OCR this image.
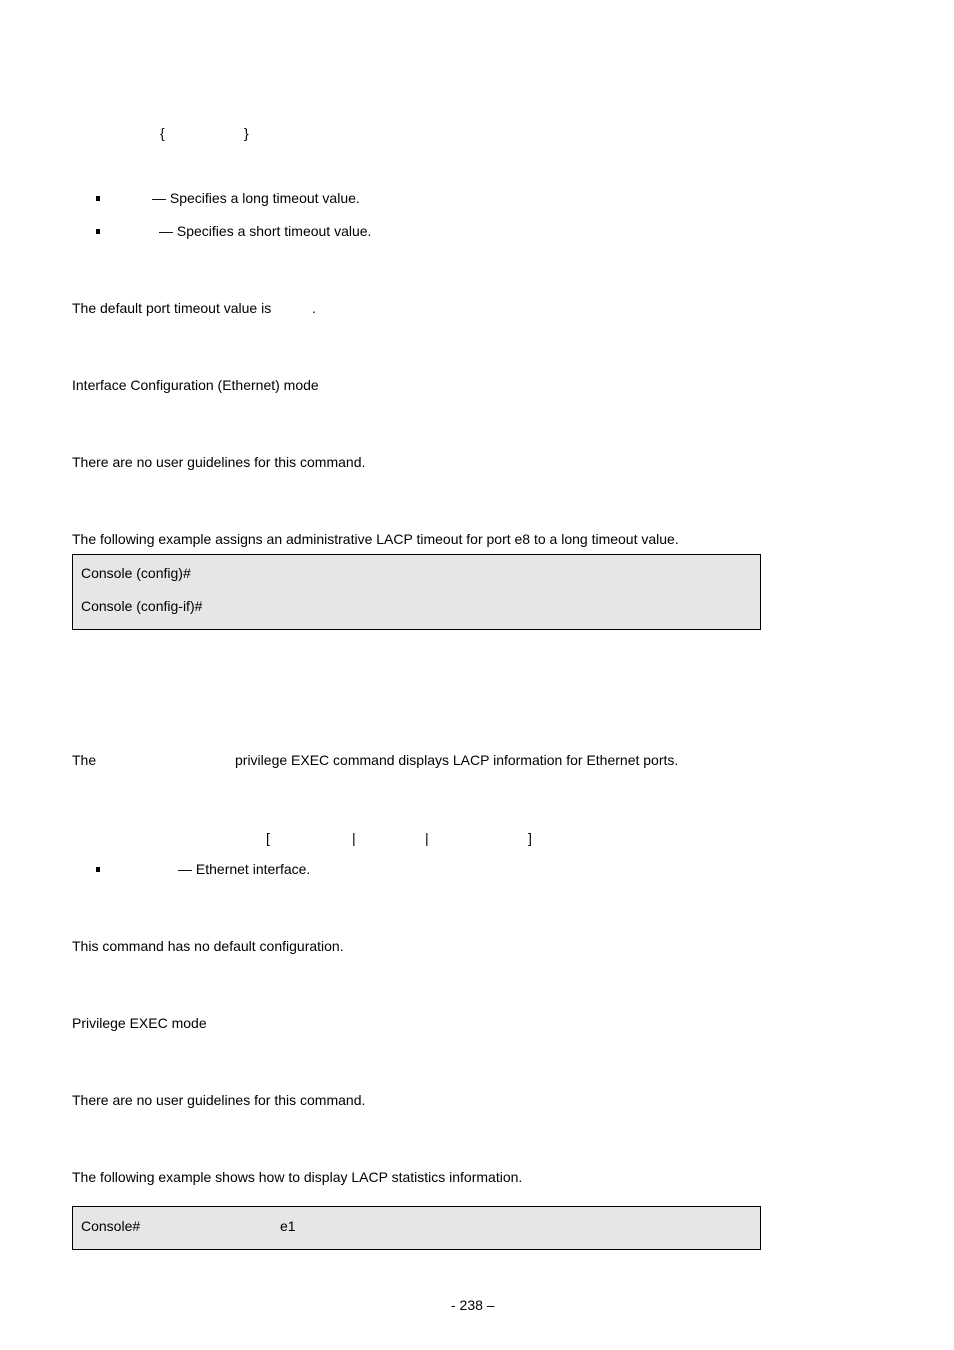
{	}
— Specifies a long timeout value.
— Specifies a short timeout value.
The default port timeout value is	.
Interface Configuration (Ethernet) mode
There are no user guidelines for this command.
The following example assigns an administrative LACP timeout for port e8 to a long timeout value.
Console (config)#
Console (config-if)#
The	privilege EXEC command displays LACP information for Ethernet ports.
[	|	|	]
— Ethernet interface.
This command has no default configuration.
Privilege EXEC mode
There are no user guidelines for this command.
The following example shows how to display LACP statistics information.
Console#	e1
- 238 –
